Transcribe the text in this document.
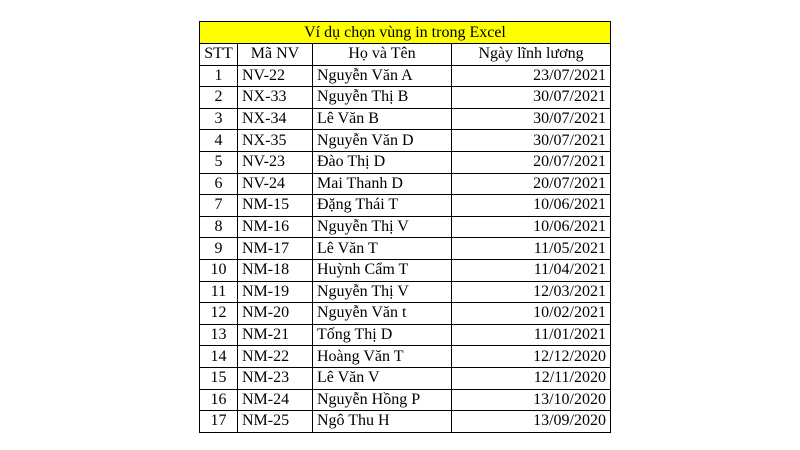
Ví dụ chọn vùng in trong Excel			
STT	Mã NV	Họ và Tên	Ngày lĩnh lương
1	NV-22	Nguyễn Văn A	23/07/2021
2	NX-33	Nguyễn Thị B	30/07/2021
3	NX-34	Lê Văn B	30/07/2021
4	NX-35	Nguyễn Văn D	30/07/2021
5	NV-23	Đào Thị D	20/07/2021
6	NV-24	Mai Thanh D	20/07/2021
7	NM-15	Đặng Thái T	10/06/2021
8	NM-16	Nguyễn Thị V	10/06/2021
9	NM-17	Lê Văn T	11/05/2021
10	NM-18	Huỳnh Cẩm T	11/04/2021
11	NM-19	Nguyễn Thị V	12/03/2021
12	NM-20	Nguyễn Văn t	10/02/2021
13	NM-21	Tống Thị D	11/01/2021
14	NM-22	Hoàng Văn T	12/12/2020
15	NM-23	Lê Văn V	12/11/2020
16	NM-24	Nguyễn Hồng P	13/10/2020
17	NM-25	Ngô Thu H	13/09/2020
